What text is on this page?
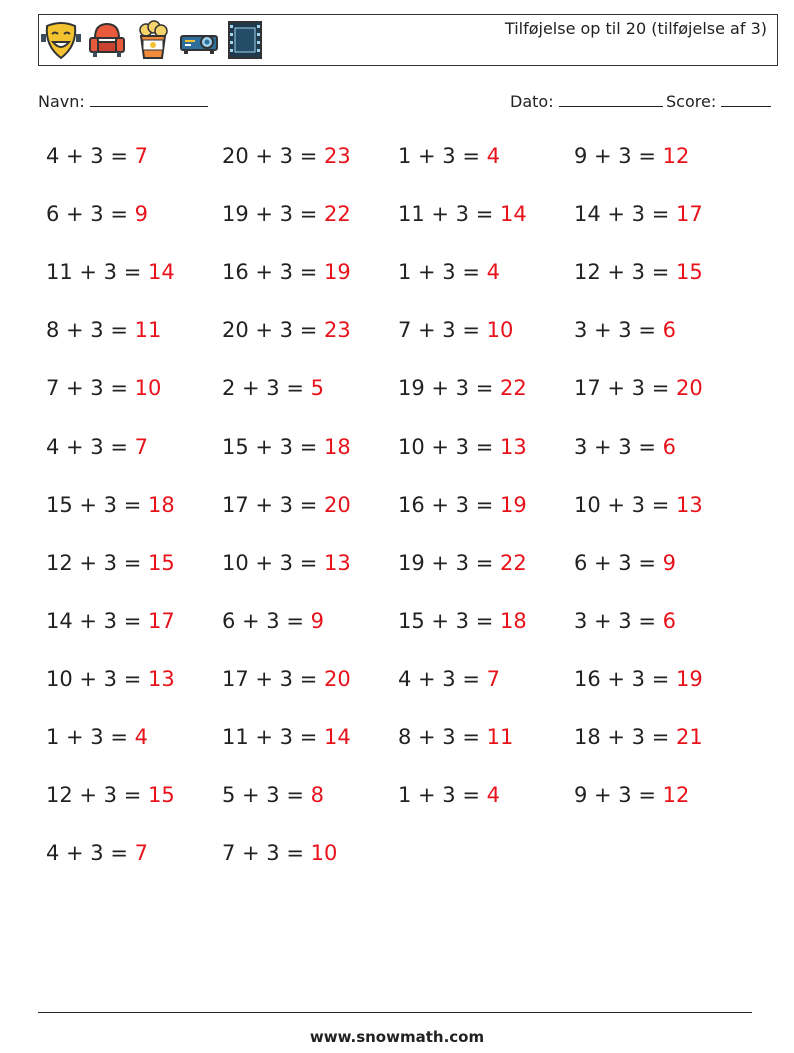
Tilføjelse op til 20 (tilføjelse af 3)
Navn:	Dato:	Score:
4 + 3 = 7	20 + 3 = 23 1 + 3 = 4	9 + 3 = 12
6 + 3 = 9	19 + 3 = 22 11 + 3 = 14 14 + 3 = 17
11 + 3 = 14 16 + 3 = 19 1 + 3 = 4	12 + 3 = 15
8 + 3 = 11	20 + 3 = 23 7 + 3 = 10	3 + 3 = 6
7 + 3 = 10	2 + 3 = 5	19 + 3 = 22 17 + 3 = 20
4 + 3 = 7	15 + 3 = 18 10 + 3 = 13 3 + 3 = 6
15 + 3 = 18 17 + 3 = 20 16 + 3 = 19 10 + 3 = 13
12 + 3 = 15 10 + 3 = 13 19 + 3 = 22 6 + 3 = 9
14 + 3 = 17 6 + 3 = 9	15 + 3 = 18 3 + 3 = 6
10 + 3 = 13 17 + 3 = 20 4 + 3 = 7	16 + 3 = 19
1 + 3 = 4	11 + 3 = 14 8 + 3 = 11	18 + 3 = 21
12 + 3 = 15 5 + 3 = 8	1 + 3 = 4	9 + 3 = 12
4 + 3 = 7	7 + 3 = 10
www.snowmath.com
